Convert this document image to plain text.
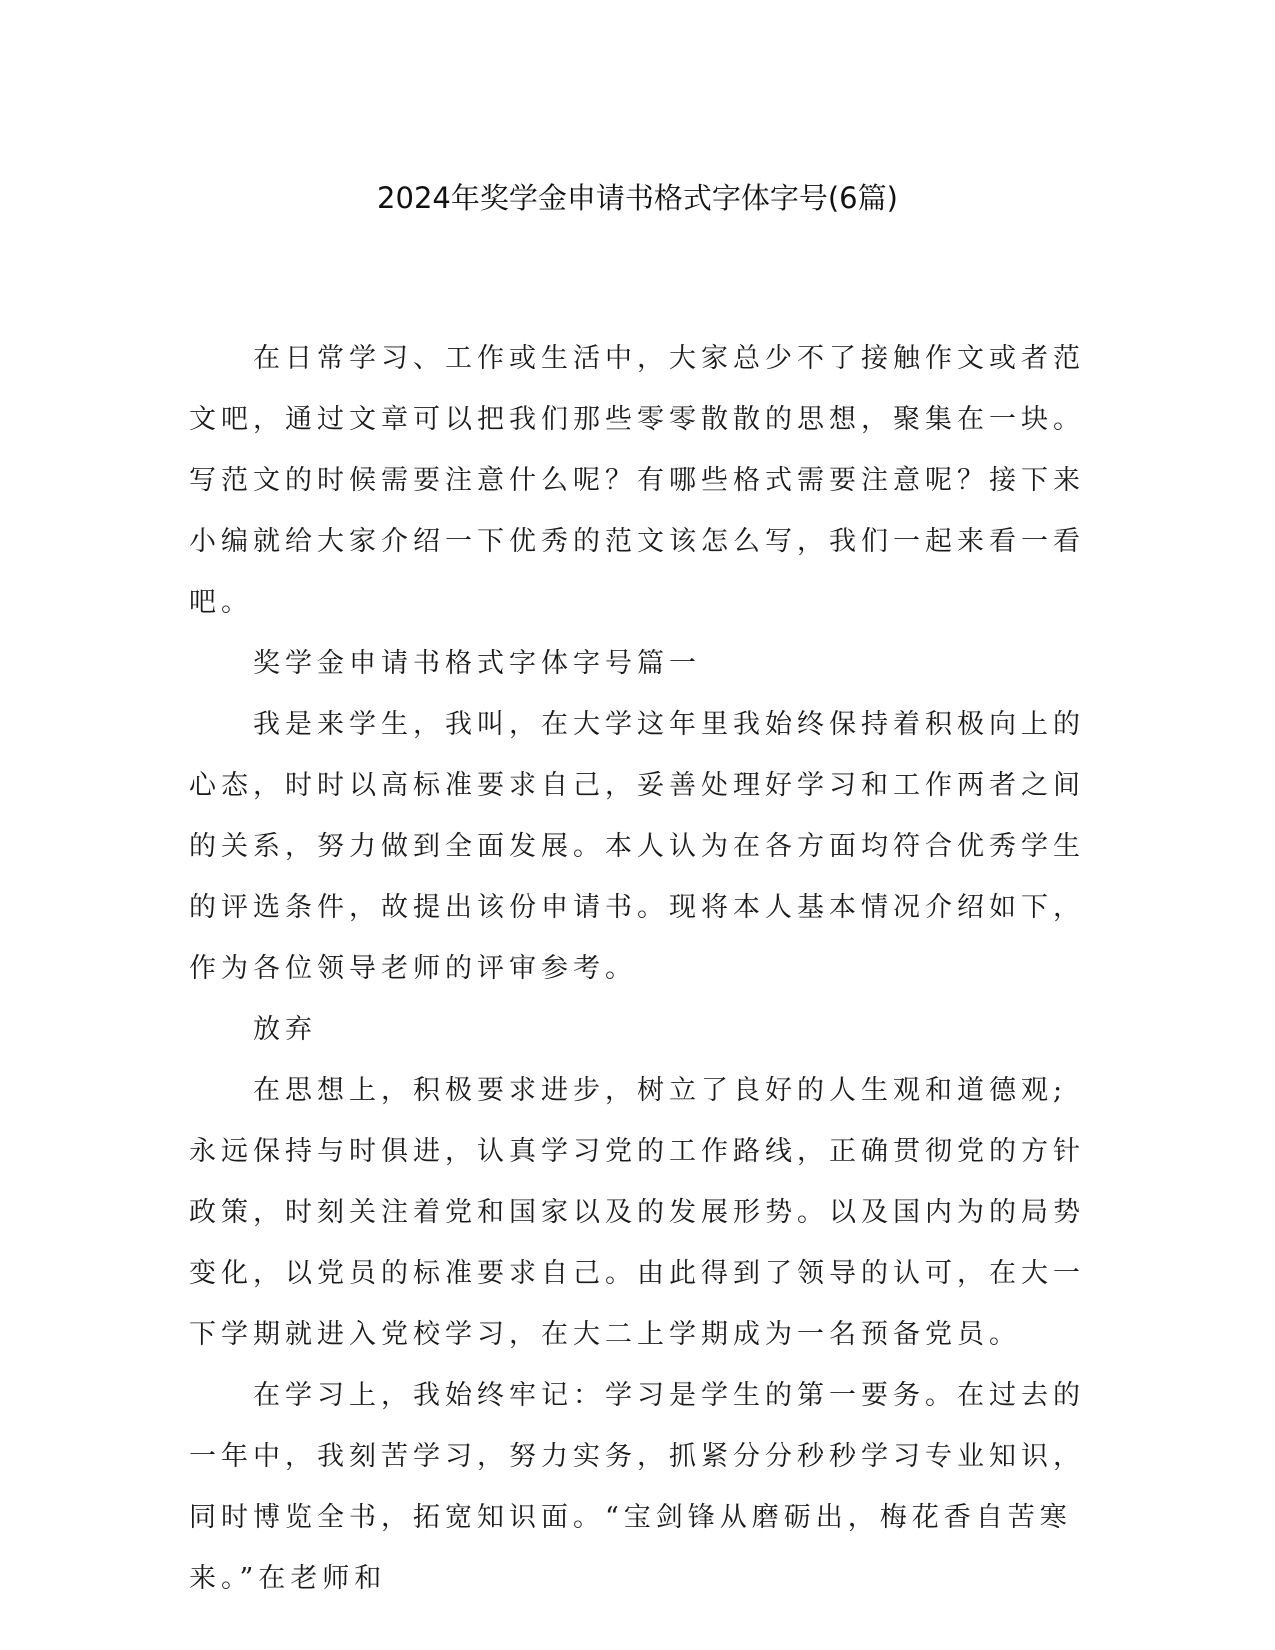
2024年奖学金申请书格式字体字号(6篇)

在日常学习、工作或生活中，大家总少不了接触作文或者范文吧，通过文章可以把我们那些零零散散的思想，聚集在一块。写范文的时候需要注意什么呢？有哪些格式需要注意呢？接下来小编就给大家介绍一下优秀的范文该怎么写，我们一起来看一看吧。

奖学金申请书格式字体字号篇一

我是来学生，我叫，在大学这年里我始终保持着积极向上的心态，时时以高标准要求自己，妥善处理好学习和工作两者之间的关系，努力做到全面发展。本人认为在各方面均符合优秀学生的评选条件，故提出该份申请书。现将本人基本情况介绍如下，作为各位领导老师的评审参考。

放弃

在思想上，积极要求进步，树立了良好的人生观和道德观;永远保持与时俱进，认真学习党的工作路线，正确贯彻党的方针政策，时刻关注着党和国家以及的发展形势。以及国内为的局势变化，以党员的标准要求自己。由此得到了领导的认可，在大一下学期就进入党校学习，在大二上学期成为一名预备党员。

在学习上，我始终牢记：学习是学生的第一要务。在过去的一年中，我刻苦学习，努力实务，抓紧分分秒秒学习专业知识，同时博览全书，拓宽知识面。“宝剑锋从磨砺出，梅花香自苦寒来。”在老师和
